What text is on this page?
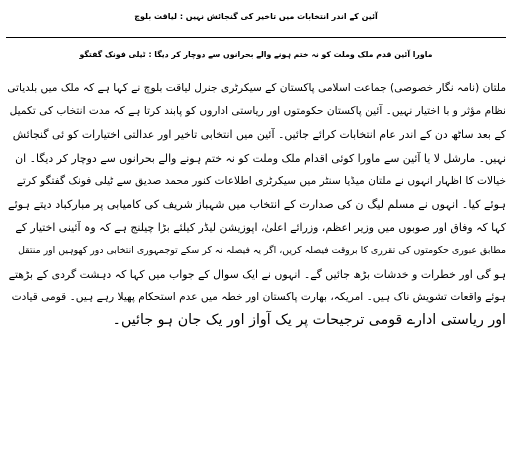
آئین کے اندر انتخابات میں تاخیر کی گنجائش نہیں : لیاقت بلوچ
ماورا آئین قدم ملک وملت کو نہ ختم ہونے والے بحرانوں سے دوچار کر دیگا : ٹیلی فونک گفتگو
ملتان (نامہ نگار خصوصی) جماعت اسلامی پاکستان کے سیکرٹری جنرل لیاقت بلوچ نے کہا ہے کہ ملک میں بلدیاتی
نظام مؤثر و با اختیار نہیں۔ آئین پاکستان حکومتوں اور ریاستی اداروں کو پابند کرتا ہے کہ مدت انتخاب کی تکمیل
کے بعد ساٹھ دن کے اندر عام انتخابات کرائے جائیں۔ آئین میں انتخابی تاخیر اور عدالتی اختیارات کو ئی گنجائش
نہیں۔ مارشل لا یا آئین سے ماورا کوئی اقدام ملک وملت کو نہ ختم ہونے والے بحرانوں سے دوچار کر دیگا۔ ان
خیالات کا اظہار انہوں نے ملتان میڈیا سنٹر میں سیکرٹری اطلاعات کنور محمد صدیق سے ٹیلی فونک گفتگو کرتے
ہوئے کیا۔ انہوں نے مسلم لیگ ن کی صدارت کے انتخاب میں شہباز شریف کی کامیابی پر مبارکباد دیتے ہوئے
کہا کہ وفاق اور صوبوں میں وزیر اعظم، وزرائے اعلیٰ، اپوزیشن لیڈر کیلئے بڑا چیلنج ہے کہ وہ آئینی اختیار کے
مطابق عبوری حکومتوں کی تقرری کا بروقت فیصلہ کریں، اگر یہ فیصلہ نہ کر سکے توجمہوری انتخابی دور کھوہیں اور منتقل
ہو گی اور خطرات و خدشات بڑھ جائیں گے۔ انہوں نے ایک سوال کے جواب میں کہا کہ دہشت گردی کے بڑھتے
ہوئے واقعات تشویش ناک ہیں۔ امریکہ، بھارت پاکستان اور خطہ میں عدم استحکام پھیلا رہے ہیں۔ قومی قیادت
اور ریاستی ادارے قومی ترجیحات پر یک آواز اور یک جان ہو جائیں۔
